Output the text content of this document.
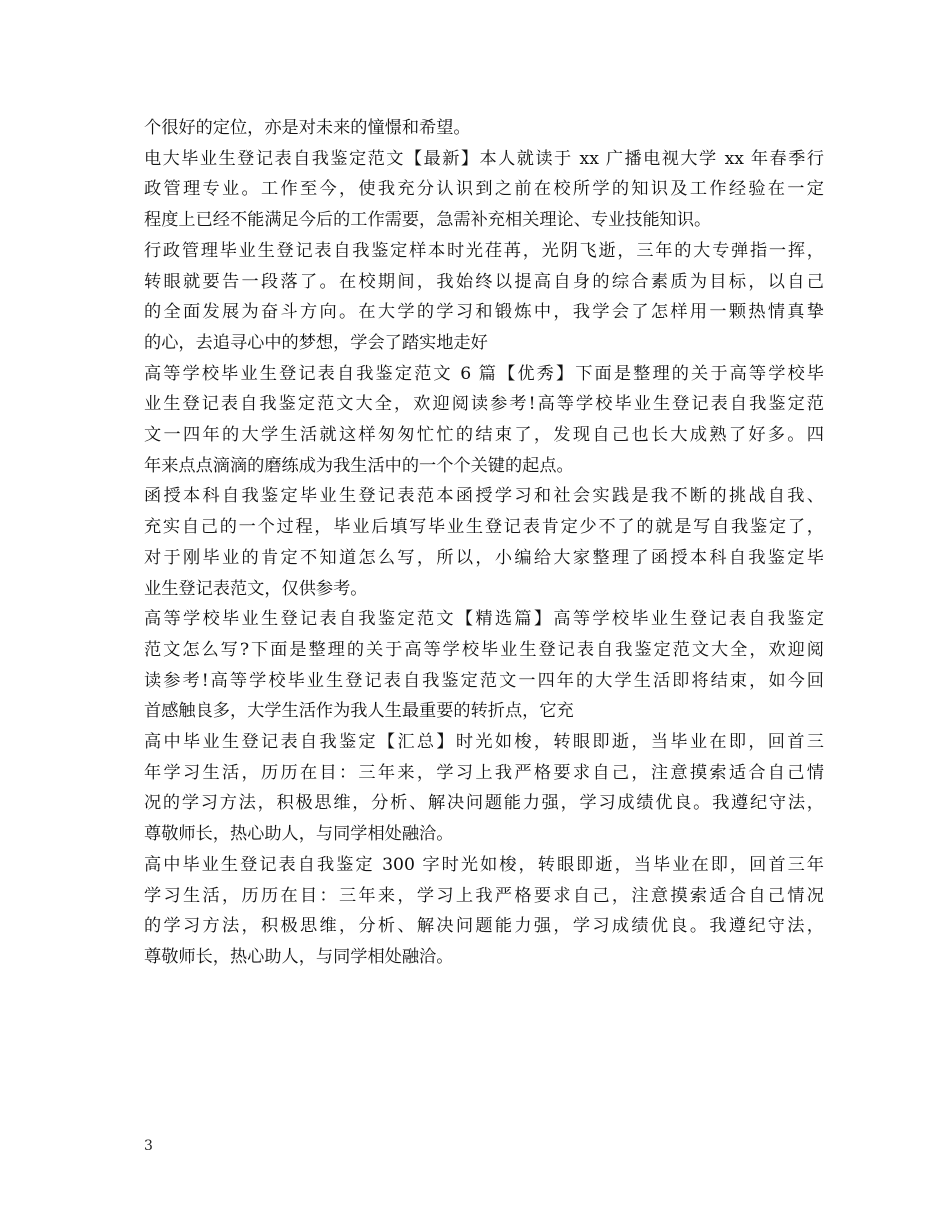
个很好的定位，亦是对未来的憧憬和希望。

电大毕业生登记表自我鉴定范文【最新】本人就读于 xx 广播电视大学 xx 年春季行
政管理专业。工作至今，使我充分认识到之前在校所学的知识及工作经验在一定
程度上已经不能满足今后的工作需要，急需补充相关理论、专业技能知识。

行政管理毕业生登记表自我鉴定样本时光荏苒，光阴飞逝，三年的大专弹指一挥，
转眼就要告一段落了。在校期间，我始终以提高自身的综合素质为目标，以自己
的全面发展为奋斗方向。在大学的学习和锻炼中，我学会了怎样用一颗热情真挚
的心，去追寻心中的梦想，学会了踏实地走好

高等学校毕业生登记表自我鉴定范文 6 篇【优秀】下面是整理的关于高等学校毕
业生登记表自我鉴定范文大全，欢迎阅读参考!高等学校毕业生登记表自我鉴定范
文一四年的大学生活就这样匆匆忙忙的结束了，发现自己也长大成熟了好多。四
年来点点滴滴的磨练成为我生活中的一个个关键的起点。

函授本科自我鉴定毕业生登记表范本函授学习和社会实践是我不断的挑战自我、
充实自己的一个过程，毕业后填写毕业生登记表肯定少不了的就是写自我鉴定了，
对于刚毕业的肯定不知道怎么写，所以，小编给大家整理了函授本科自我鉴定毕
业生登记表范文，仅供参考。

高等学校毕业生登记表自我鉴定范文【精选篇】高等学校毕业生登记表自我鉴定
范文怎么写?下面是整理的关于高等学校毕业生登记表自我鉴定范文大全，欢迎阅
读参考!高等学校毕业生登记表自我鉴定范文一四年的大学生活即将结束，如今回
首感触良多，大学生活作为我人生最重要的转折点，它充

高中毕业生登记表自我鉴定【汇总】时光如梭，转眼即逝，当毕业在即，回首三
年学习生活，历历在目：三年来，学习上我严格要求自己，注意摸索适合自己情
况的学习方法，积极思维，分析、解决问题能力强，学习成绩优良。我遵纪守法，
尊敬师长，热心助人，与同学相处融洽。

高中毕业生登记表自我鉴定 300 字时光如梭，转眼即逝，当毕业在即，回首三年
学习生活，历历在目：三年来，学习上我严格要求自己，注意摸索适合自己情况
的学习方法，积极思维，分析、解决问题能力强，学习成绩优良。我遵纪守法，
尊敬师长，热心助人，与同学相处融洽。

3
